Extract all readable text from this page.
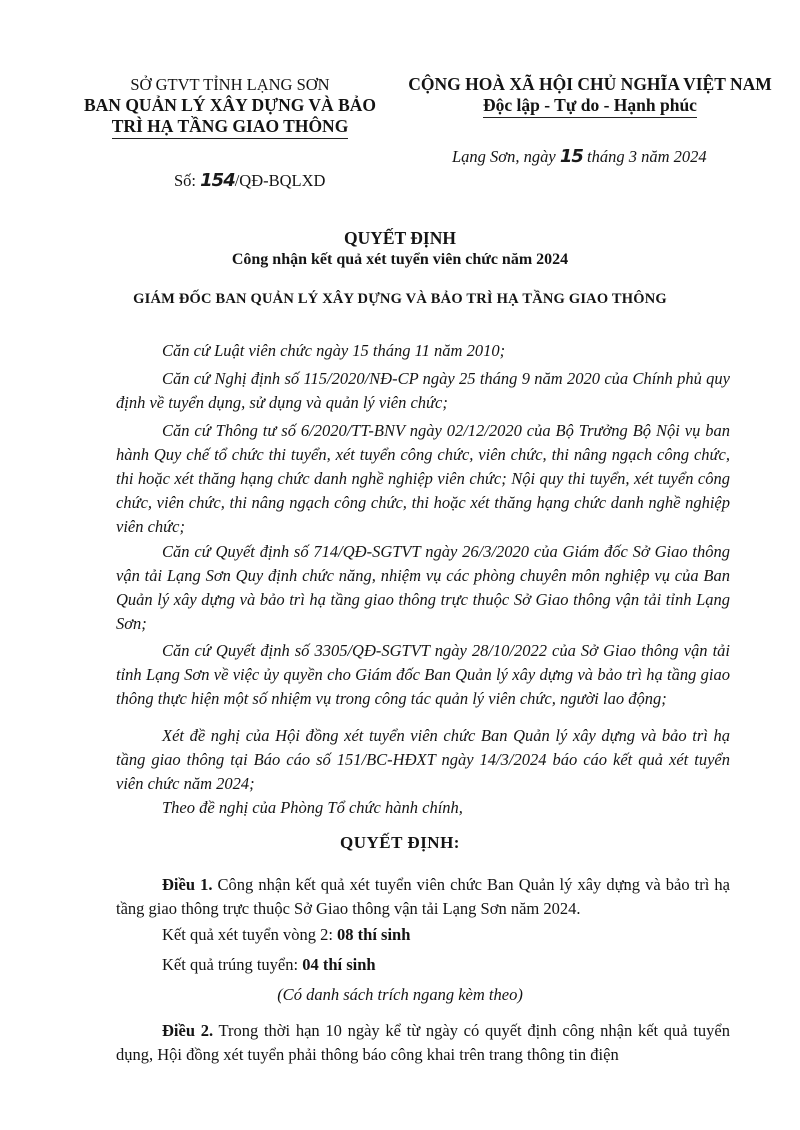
SỞ GTVT TỈNH LẠNG SƠN
BAN QUẢN LÝ XÂY DỰNG VÀ BẢO
TRÌ HẠ TẦNG GIAO THÔNG
CỘNG HOÀ XÃ HỘI CHỦ NGHĨA VIỆT NAM
Độc lập - Tự do - Hạnh phúc
Lạng Sơn, ngày 15 tháng 3 năm 2024
Số: 154/QĐ-BQLXD
QUYẾT ĐỊNH
Công nhận kết quả xét tuyển viên chức năm 2024
GIÁM ĐỐC BAN QUẢN LÝ XÂY DỰNG VÀ BẢO TRÌ HẠ TẦNG GIAO THÔNG
Căn cứ Luật viên chức ngày 15 tháng 11 năm 2010;
Căn cứ Nghị định số 115/2020/NĐ-CP ngày 25 tháng 9 năm 2020 của Chính phủ quy định về tuyển dụng, sử dụng và quản lý viên chức;
Căn cứ Thông tư số 6/2020/TT-BNV ngày 02/12/2020 của Bộ Trưởng Bộ Nội vụ ban hành Quy chế tổ chức thi tuyển, xét tuyển công chức, viên chức, thi nâng ngạch công chức, thi hoặc xét thăng hạng chức danh nghề nghiệp viên chức; Nội quy thi tuyển, xét tuyển công chức, viên chức, thi nâng ngạch công chức, thi hoặc xét thăng hạng chức danh nghề nghiệp viên chức;
Căn cứ Quyết định số 714/QĐ-SGTVT ngày 26/3/2020 của Giám đốc Sở Giao thông vận tải Lạng Sơn Quy định chức năng, nhiệm vụ các phòng chuyên môn nghiệp vụ của Ban Quản lý xây dựng và bảo trì hạ tầng giao thông trực thuộc Sở Giao thông vận tải tỉnh Lạng Sơn;
Căn cứ Quyết định số 3305/QĐ-SGTVT ngày 28/10/2022 của Sở Giao thông vận tải tỉnh Lạng Sơn về việc ủy quyền cho Giám đốc Ban Quản lý xây dựng và bảo trì hạ tầng giao thông thực hiện một số nhiệm vụ trong công tác quản lý viên chức, người lao động;
Xét đề nghị của Hội đồng xét tuyển viên chức Ban Quản lý xây dựng và bảo trì hạ tầng giao thông tại Báo cáo số 151/BC-HĐXT ngày 14/3/2024 báo cáo kết quả xét tuyển viên chức năm 2024;
Theo đề nghị của Phòng Tổ chức hành chính,
QUYẾT ĐỊNH:
Điều 1. Công nhận kết quả xét tuyển viên chức Ban Quản lý xây dựng và bảo trì hạ tầng giao thông trực thuộc Sở Giao thông vận tải Lạng Sơn năm 2024.
Kết quả xét tuyển vòng 2: 08 thí sinh
Kết quả trúng tuyển: 04 thí sinh
(Có danh sách trích ngang kèm theo)
Điều 2. Trong thời hạn 10 ngày kể từ ngày có quyết định công nhận kết quả tuyển dụng, Hội đồng xét tuyển phải thông báo công khai trên trang thông tin điện
